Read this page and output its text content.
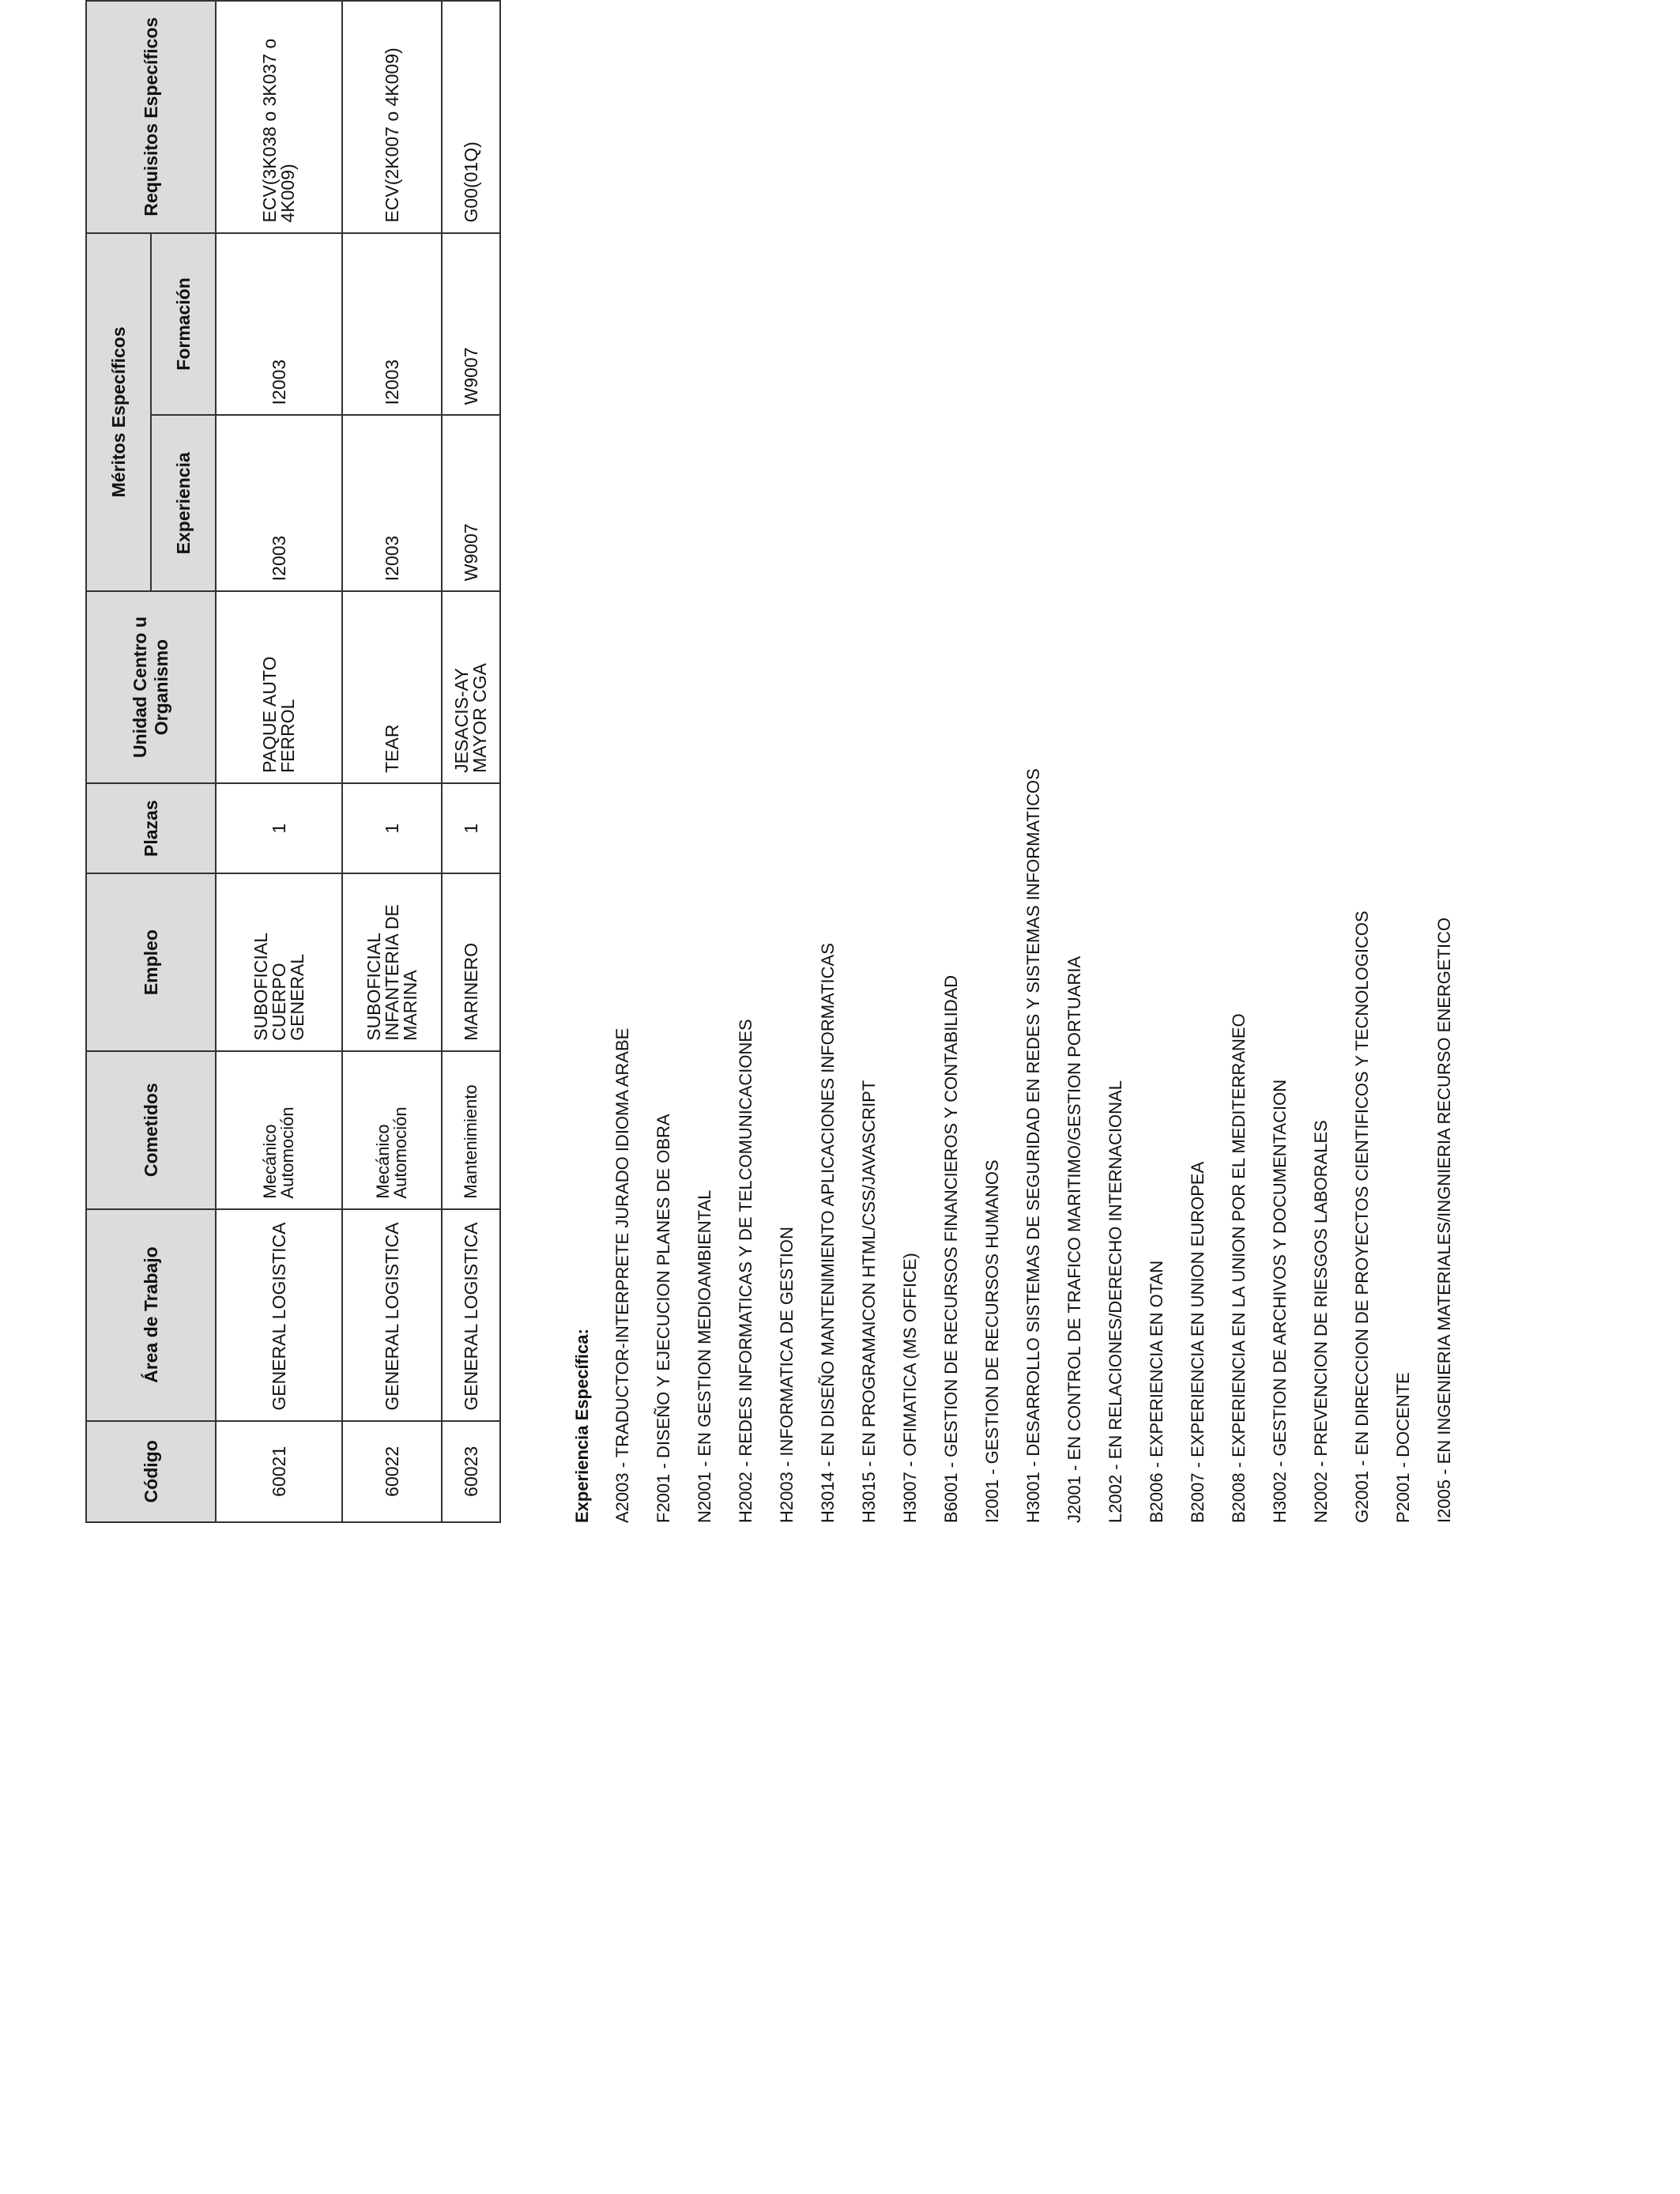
Código	Área de Trabajo	Cometidos	Empleo	Plazas	Unidad Centro u Organismo	Méritos Específicos		Requisitos Específicos
						Experiencia	Formación	
60021	GENERAL LOGISTICA	Mecánico Automoción	SUBOFICIAL CUERPO GENERAL	1	PAQUE AUTO FERROL	I2003	I2003	ECV(3K038 o 3K037 o 4K009)
60022	GENERAL LOGISTICA	Mecánico Automoción	SUBOFICIAL INFANTERIA DE MARINA	1	TEAR	I2003	I2003	ECV(2K007 o 4K009)
60023	GENERAL LOGISTICA	Mantenimiento	MARINERO	1	JESACIS-AY MAYOR CGA	W9007	W9007	G00(01Q)
Experiencia Específica:	A2003 - TRADUCTOR-INTERPRETE JURADO IDIOMA ARABE	F2001 - DISEÑO Y EJECUCION PLANES DE OBRA	N2001 - EN GESTION MEDIOAMBIENTAL	H2002 - REDES INFORMATICAS Y DE TELCOMUNICACIONES	H2003 - INFORMATICA DE GESTION	H3014 - EN DISEÑO MANTENIMIENTO APLICACIONES INFORMATICAS	H3015 - EN PROGRAMAICON HTML/CSS/JAVASCRIPT	H3007 - OFIMATICA (MS OFFICE)	B6001 - GESTION DE RECURSOS FINANCIEROS Y CONTABILIDAD	I2001 - GESTION DE RECURSOS HUMANOS	H3001 - DESARROLLO SISTEMAS DE SEGURIDAD EN REDES Y SISTEMAS INFORMATICOS	J2001 - EN CONTROL DE TRAFICO MARITIMO/GESTION PORTUARIA	L2002 - EN RELACIONES/DERECHO INTERNACIONAL	B2006 - EXPERIENCIA EN OTAN	B2007 - EXPERIENCIA EN UNION EUROPEA	B2008 - EXPERIENCIA EN LA UNION POR EL MEDITERRANEO	H3002 - GESTION DE ARCHIVOS Y DOCUMENTACION	N2002 - PREVENCION DE RIESGOS LABORALES	G2001 - EN DIRECCION DE PROYECTOS CIENTIFICOS Y TECNOLOGICOS	P2001 - DOCENTE	I2005 - EN INGENIERIA MATERIALES/INGNIERIA RECURSO ENERGETICO
